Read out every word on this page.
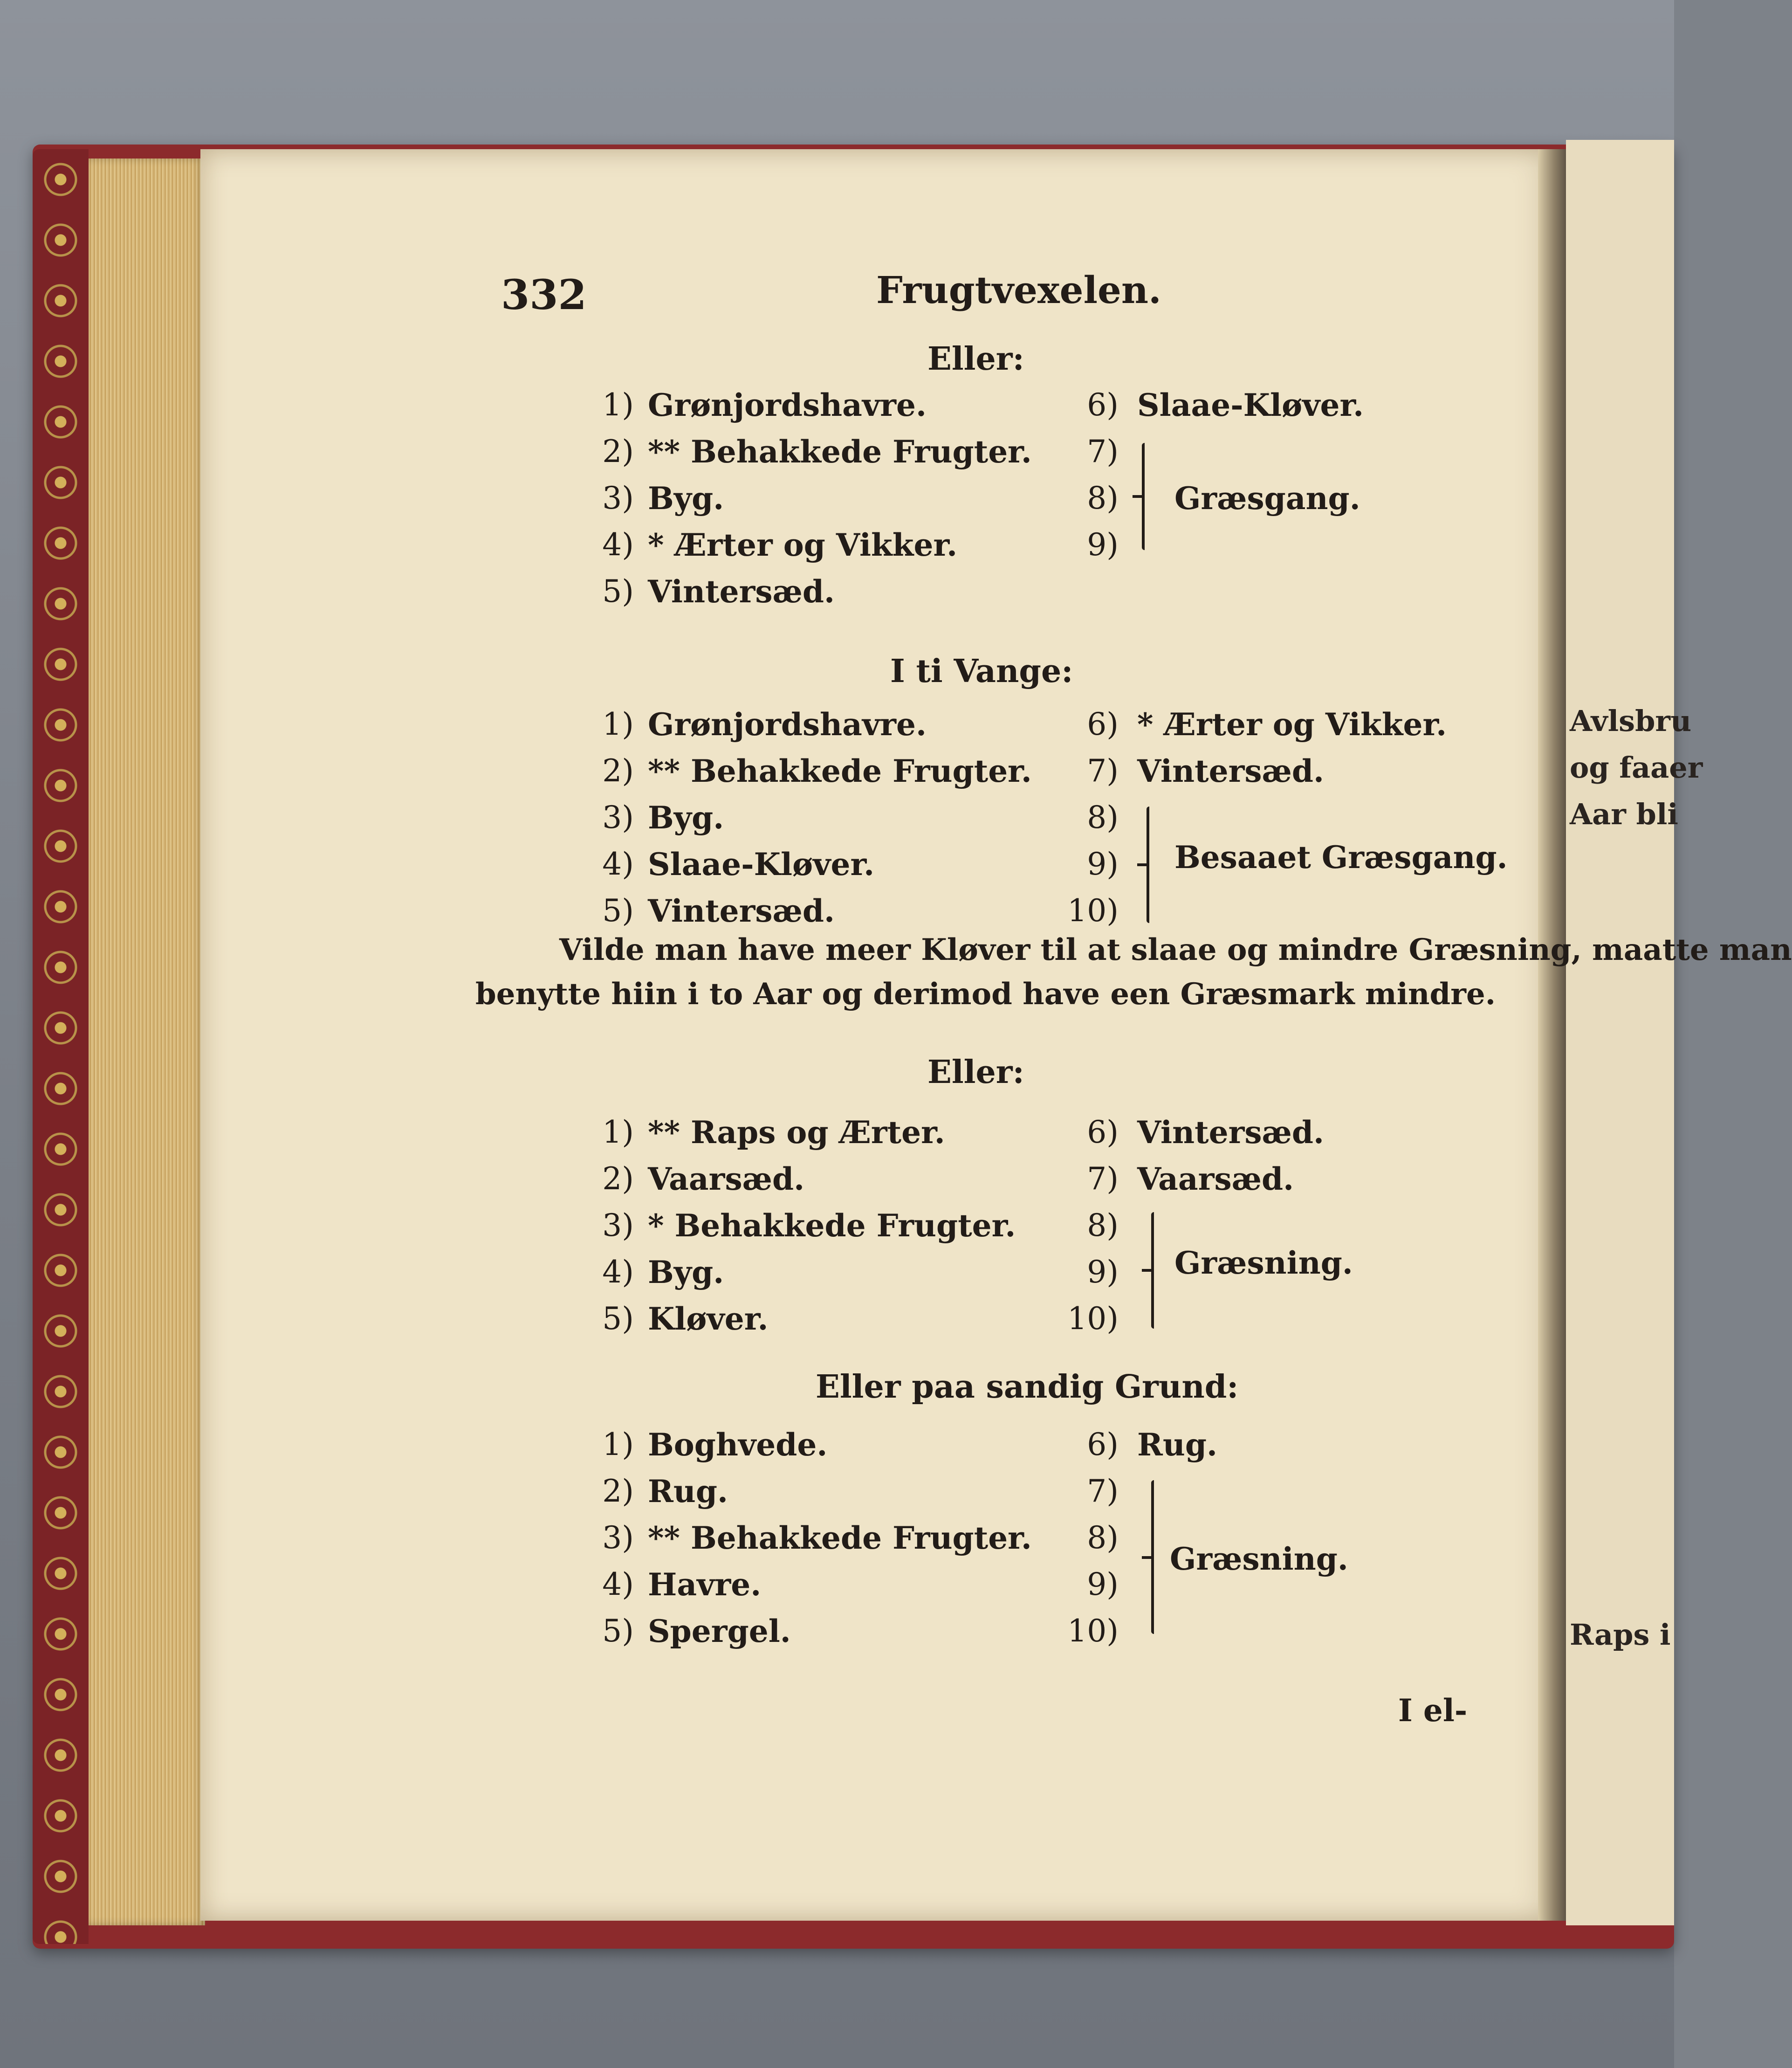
Avlsbru
og faaer
Aar bli
Raps i
332	Frugtvexelen.
Eller:
1) Grønjordshavre.
2) ** Behakkede Frugter.
3) Byg.
4) * Ærter og Vikker.
5) Vintersæd.
6) Slaae-Kløver.
7)
8)
9)
Græsgang.
I ti Vange:
1) Grønjordshavre.
2) ** Behakkede Frugter.
3) Byg.
4) Slaae-Kløver.
5) Vintersæd.
6) * Ærter og Vikker.
7) Vintersæd.
8)
9)
10)
Besaaet Græsgang.
Vilde man have meer Kløver til at slaae og mindre Græsning, maatte man
benytte hiin i to Aar og derimod have een Græsmark mindre.
Eller:
1) ** Raps og Ærter.
2) Vaarsæd.
3) * Behakkede Frugter.
4) Byg.
5) Kløver.
6) Vintersæd.
7) Vaarsæd.
8)
9)
10)
Græsning.
Eller paa sandig Grund:
1) Boghvede.
2) Rug.
3) ** Behakkede Frugter.
4) Havre.
5) Spergel.
6) Rug.
7)
8)
9)
10)
Græsning.
I el-
